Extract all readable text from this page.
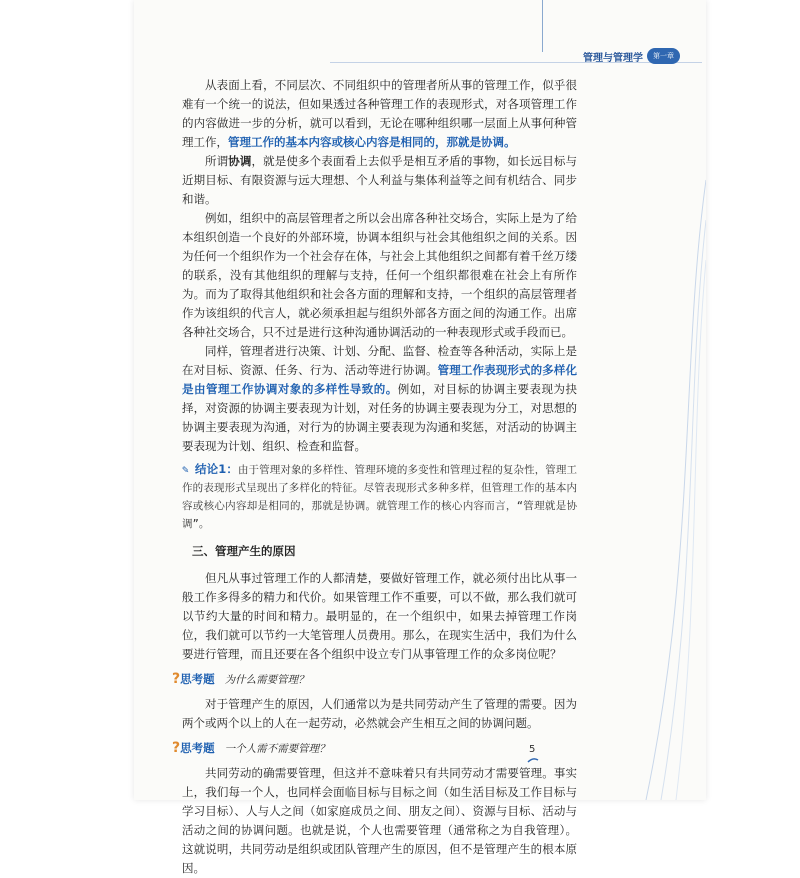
管理与管理学	第一章

从表面上看，不同层次、不同组织中的管理者所从事的管理工作，似乎很难有一个统一的说法，但如果透过各种管理工作的表现形式，对各项管理工作的内容做进一步的分析，就可以看到，无论在哪种组织哪一层面上从事何种管理工作，管理工作的基本内容或核心内容是相同的，那就是协调。

所谓协调，就是使多个表面看上去似乎是相互矛盾的事物，如长远目标与近期目标、有限资源与远大理想、个人利益与集体利益等之间有机结合、同步和谐。

例如，组织中的高层管理者之所以会出席各种社交场合，实际上是为了给本组织创造一个良好的外部环境，协调本组织与社会其他组织之间的关系。因为任何一个组织作为一个社会存在体，与社会上其他组织之间都有着千丝万缕的联系，没有其他组织的理解与支持，任何一个组织都很难在社会上有所作为。而为了取得其他组织和社会各方面的理解和支持，一个组织的高层管理者作为该组织的代言人，就必须承担起与组织外部各方面之间的沟通工作。出席各种社交场合，只不过是进行这种沟通协调活动的一种表现形式或手段而已。

同样，管理者进行决策、计划、分配、监督、检查等各种活动，实际上是在对目标、资源、任务、行为、活动等进行协调。管理工作表现形式的多样化是由管理工作协调对象的多样性导致的。例如，对目标的协调主要表现为抉择，对资源的协调主要表现为计划，对任务的协调主要表现为分工，对思想的协调主要表现为沟通，对行为的协调主要表现为沟通和奖惩，对活动的协调主要表现为计划、组织、检查和监督。

✎ 结论1：由于管理对象的多样性、管理环境的多变性和管理过程的复杂性，管理工作的表现形式呈现出了多样化的特征。尽管表现形式多种多样，但管理工作的基本内容或核心内容却是相同的，那就是协调。就管理工作的核心内容而言，“管理就是协调”。
三、管理产生的原因

但凡从事过管理工作的人都清楚，要做好管理工作，就必须付出比从事一般工作多得多的精力和代价。如果管理工作不重要，可以不做，那么我们就可以节约大量的时间和精力。最明显的，在一个组织中，如果去掉管理工作岗位，我们就可以节约一大笔管理人员费用。那么，在现实生活中，我们为什么要进行管理，而且还要在各个组织中设立专门从事管理工作的众多岗位呢？

? 思考题 为什么需要管理？

对于管理产生的原因，人们通常以为是共同劳动产生了管理的需要。因为两个或两个以上的人在一起劳动，必然就会产生相互之间的协调问题。

? 思考题 一个人需不需要管理？

共同劳动的确需要管理，但这并不意味着只有共同劳动才需要管理。事实上，我们每一个人，也同样会面临目标与目标之间（如生活目标及工作目标与学习目标）、人与人之间（如家庭成员之间、朋友之间）、资源与目标、活动与活动之间的协调问题。也就是说，个人也需要管理（通常称之为自我管理）。这就说明，共同劳动是组织或团队管理产生的原因，但不是管理产生的根本原因。

5
